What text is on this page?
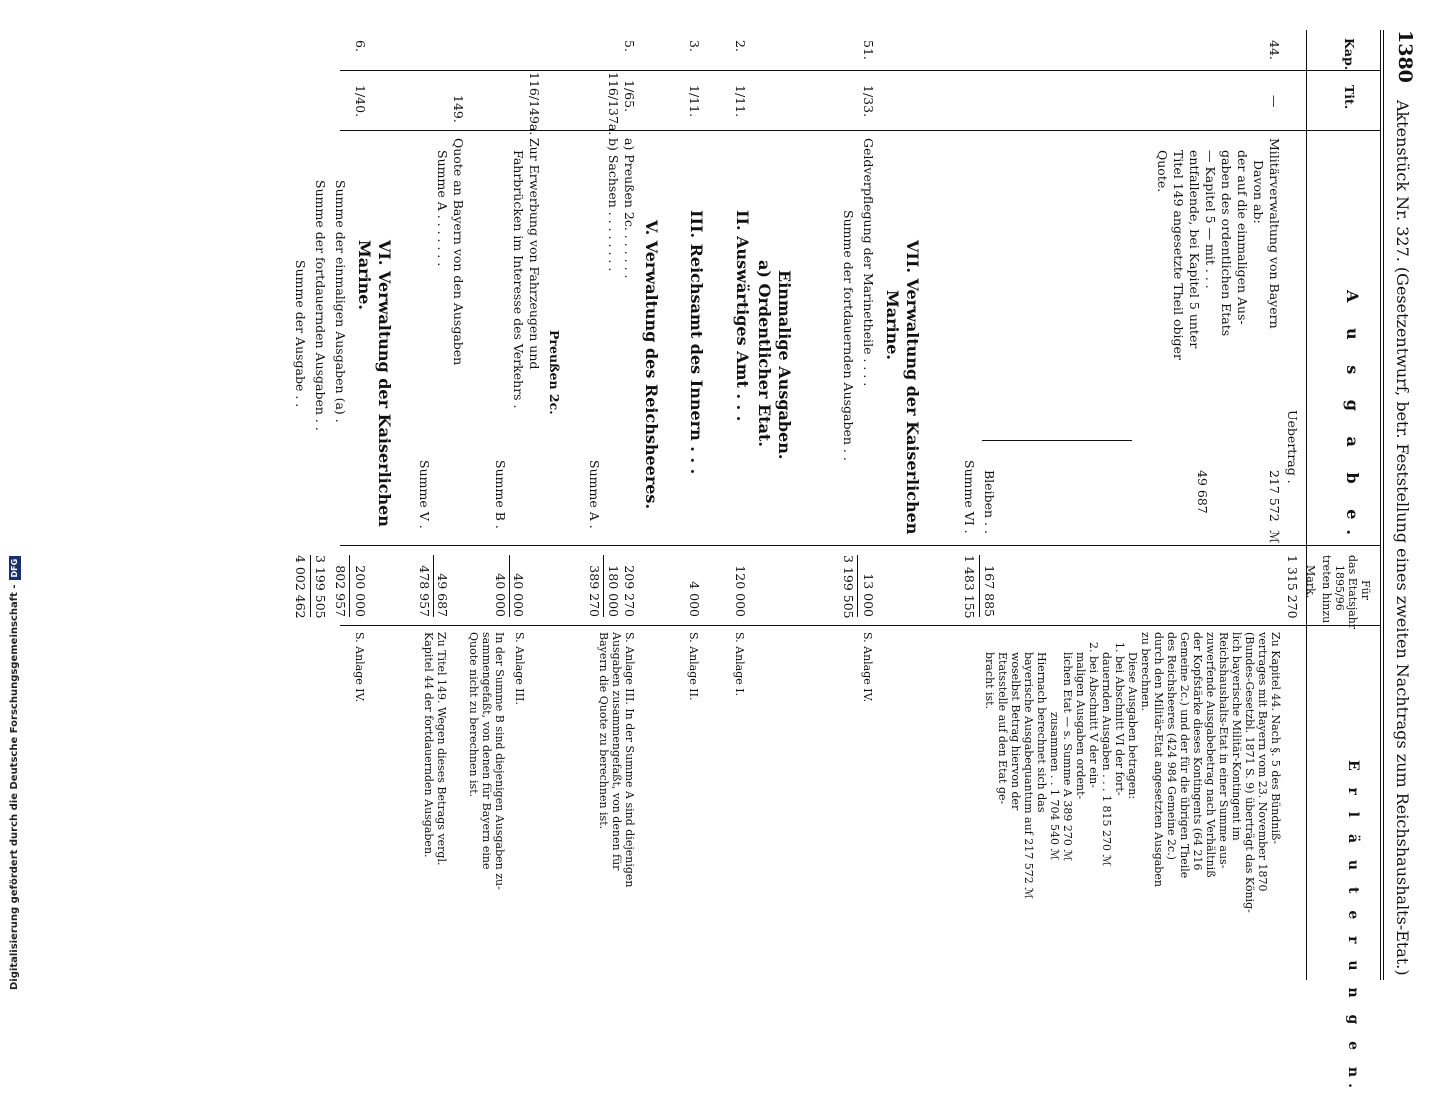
1380
Aktenstück Nr. 327. (Gesetzentwurf, betr. Feststellung eines zweiten Nachtrags zum Reichshaushalts-Etat.)
Kap.
Tit.
A u s g a b e.
Für
das Etatsjahr
1895/96
treten hinzu
Mark.
E r l ä u t e r u n g e n.
44.
—
Uebertrag .
1 315 270
Militärverwaltung von Bayern
217 572
ℳ
Davon ab:
der auf die einmaligen Aus-
gaben des ordentlichen Etats
— Kapitel 5 — mit . . .
entfallende, bei Kapitel 5 unter
49 687
Titel 149 angesetzte Theil obiger
Quote.
Bleiben . .
167 885
Summe VI .
1 483 155
Zu Kapitel 44. Nach §. 5 des Bündniß-
vertrages mit Bayern vom 23. November 1870
(Bundes-Gesetzbl. 1871 S. 9) überträgt das König-
lich bayerische Militär-Kontingent im
Reichshaushalts-Etat in einer Summe aus-
zuwerfende Ausgabebetrag nach Verhältniß
der Kopfstärke dieses Kontingents (64 216
Gemeine 2c.) und der für die übrigen Theile
des Reichsheeres (424 984 Gemeine 2c.)
durch den Militär-Etat angesetzten Ausgaben
zu berechnen.
Diese Ausgaben betragen:
1. bei Abschnitt VI der fort-
dauernden Ausgaben . . . 1 815 270 ℳ
2. bei Abschnitt V der ein-
maligen Ausgaben ordent-
lichen Etat — s. Summe A 389 270 ℳ
zusammen . . 1 704 540 ℳ
Hiernach berechnet sich das
bayerische Ausgabequantum auf 217 572 ℳ
woselbst Betrag hiervon der
Etatsstelle auf den Etat ge-
bracht ist.
VII. Verwaltung der Kaiserlichen
Marine.
51.
1/33.
Geldverpflegung der Marinetheile . . . .
13 000
S. Anlage IV.
Summe der fortdauernden Ausgaben . .
3 199 505
Einmalige Ausgaben.
a) Ordentlicher Etat.
2.
1/11.
II. Auswärtiges Amt . . .
120 000
S. Anlage I.
3.
1/11.
III. Reichsamt des Innern . . .
4 000
S. Anlage II.
V. Verwaltung des Reichsheeres.
5.
1/65.
116/137a.
a) Preußen 2c. . . . . . .
b) Sachsen . . . . . . . .
209 270
180 000
Summe A .
389 270
S. Anlage III. In der Summe A sind diejenigen
Ausgaben zusammengefaßt, von denen für
Bayern die Quote zu berechnen ist.
Preußen 2c.
116/149a.
Zur Erwerbung von Fahrzeugen und
Fahrbrücken im Interesse des Verkehrs .
40 000
S. Anlage III.
Summe B .
40 000
In der Summe B sind diejenigen Ausgaben zu-
sammengefaßt, von denen für Bayern eine
Quote nicht zu berechnen ist.
149.
Quote an Bayern von den Ausgaben
Summe A . . . . . . .
49 687
Summe V .
478 957
Zu Titel 149. Wegen dieses Betrags vergl.
Kapitel 44 der fortdauernden Ausgaben.
VI. Verwaltung der Kaiserlichen
6.
1/40.
Marine.
200 000
S. Anlage IV.
Summe der einmaligen Ausgaben (a) .
802 957
Summe der fortdauernden Ausgaben . .
3 199 505
Summe der Ausgabe . .
4 002 462
Digitalisierung gefördert durch die Deutsche Forschungsgemeinschaft -DFG
